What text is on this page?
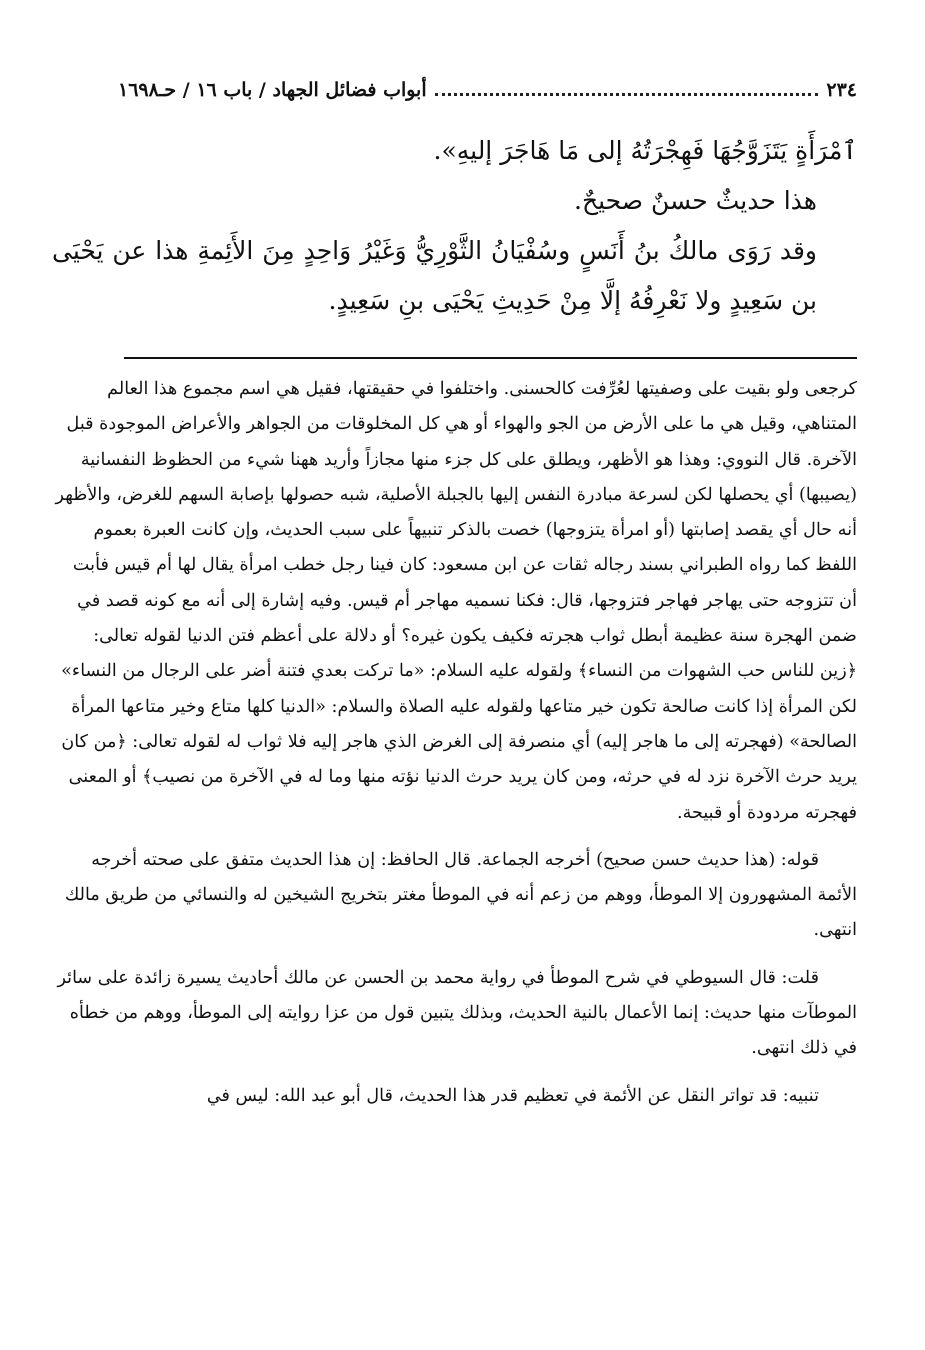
٢٣٤
أبواب فضائل الجهاد / باب ١٦ / حـ١٦٩٨

ٱمْرَأَةٍ يَتَزَوَّجُهَا فَهِجْرَتُهُ إلى مَا هَاجَرَ إليهِ».

هذا حديثٌ حسنٌ صحيحٌ.

وقد رَوَى مالكُ بنُ أَنَسٍ وسُفْيَانُ الثَّوْرِيُّ وَغَيْرُ وَاحِدٍ مِنَ الأَئِمةِ هذا عن يَحْيَى بن سَعِيدٍ ولا نَعْرِفُهُ إلَّا مِنْ حَدِيثِ يَحْيَى بنِ سَعِيدٍ.

كرجعى ولو بقيت على وصفيتها لعُرِّفت كالحسنى. واختلفوا في حقيقتها، فقيل هي اسم مجموع هذا العالم المتناهي، وقيل هي ما على الأرض من الجو والهواء أو هي كل المخلوقات من الجواهر والأعراض الموجودة قبل الآخرة. قال النووي: وهذا هو الأظهر، ويطلق على كل جزء منها مجازاً وأريد ههنا شيء من الحظوظ النفسانية (يصيبها) أي يحصلها لكن لسرعة مبادرة النفس إليها بالجبلة الأصلية، شبه حصولها بإصابة السهم للغرض، والأظهر أنه حال أي يقصد إصابتها (أو امرأة يتزوجها) خصت بالذكر تنبيهاً على سبب الحديث، وإن كانت العبرة بعموم اللفظ كما رواه الطبراني بسند رجاله ثقات عن ابن مسعود: كان فينا رجل خطب امرأة يقال لها أم قيس فأبت أن تتزوجه حتى يهاجر فهاجر فتزوجها، قال: فكنا نسميه مهاجر أم قيس. وفيه إشارة إلى أنه مع كونه قصد في ضمن الهجرة سنة عظيمة أبطل ثواب هجرته فكيف يكون غيره؟ أو دلالة على أعظم فتن الدنيا لقوله تعالى: ﴿زين للناس حب الشهوات من النساء﴾ ولقوله عليه السلام: «ما تركت بعدي فتنة أضر على الرجال من النساء» لكن المرأة إذا كانت صالحة تكون خير متاعها ولقوله عليه الصلاة والسلام: «الدنيا كلها متاع وخير متاعها المرأة الصالحة» (فهجرته إلى ما هاجر إليه) أي منصرفة إلى الغرض الذي هاجر إليه فلا ثواب له لقوله تعالى: ﴿من كان يريد حرث الآخرة نزد له في حرثه، ومن كان يريد حرث الدنيا نؤته منها وما له في الآخرة من نصيب﴾ أو المعنى فهجرته مردودة أو قبيحة.

قوله: (هذا حديث حسن صحيح) أخرجه الجماعة. قال الحافظ: إن هذا الحديث متفق على صحته أخرجه الأئمة المشهورون إلا الموطأ، ووهم من زعم أنه في الموطأ مغتر بتخريج الشيخين له والنسائي من طريق مالك انتهى.

قلت: قال السيوطي في شرح الموطأ في رواية محمد بن الحسن عن مالك أحاديث يسيرة زائدة على سائر الموطآت منها حديث: إنما الأعمال بالنية الحديث، وبذلك يتبين قول من عزا روايته إلى الموطأ، ووهم من خطأه في ذلك انتهى.

تنبيه: قد تواتر النقل عن الأئمة في تعظيم قدر هذا الحديث، قال أبو عبد الله: ليس في
